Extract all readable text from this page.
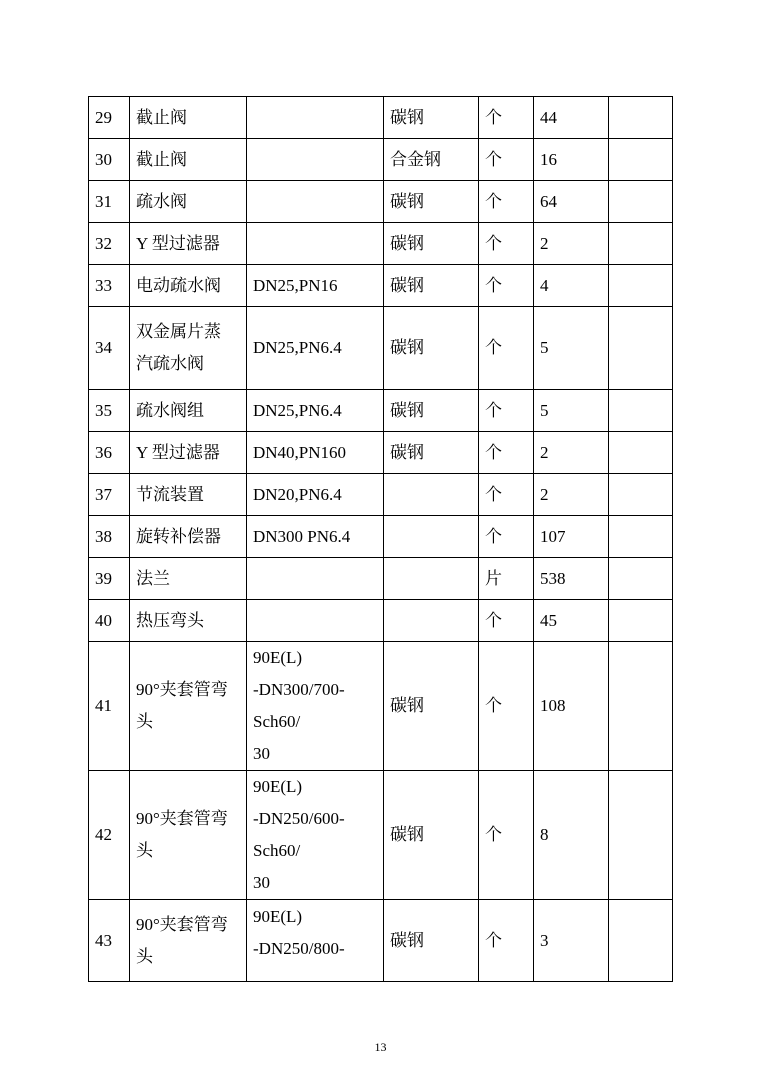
29	截止阀		碳钢	个	44	
30	截止阀		合金钢	个	16	
31	疏水阀		碳钢	个	64	
32	Y 型过滤器		碳钢	个	2	
33	电动疏水阀	DN25,PN16	碳钢	个	4	
34	双金属片蒸
汽疏水阀	DN25,PN6.4	碳钢	个	5	
35	疏水阀组	DN25,PN6.4	碳钢	个	5	
36	Y 型过滤器	DN40,PN160	碳钢	个	2	
37	节流装置	DN20,PN6.4		个	2	
38	旋转补偿器	DN300 PN6.4		个	107	
39	法兰			片	538	
40	热压弯头			个	45	
41	90°夹套管弯
头	90E(L)
-DN300/700-
Sch60/
30	碳钢	个	108	
42	90°夹套管弯
头	90E(L)
-DN250/600-
Sch60/
30	碳钢	个	8	
43	90°夹套管弯
头	90E(L)
-DN250/800-	碳钢	个	3	
13
